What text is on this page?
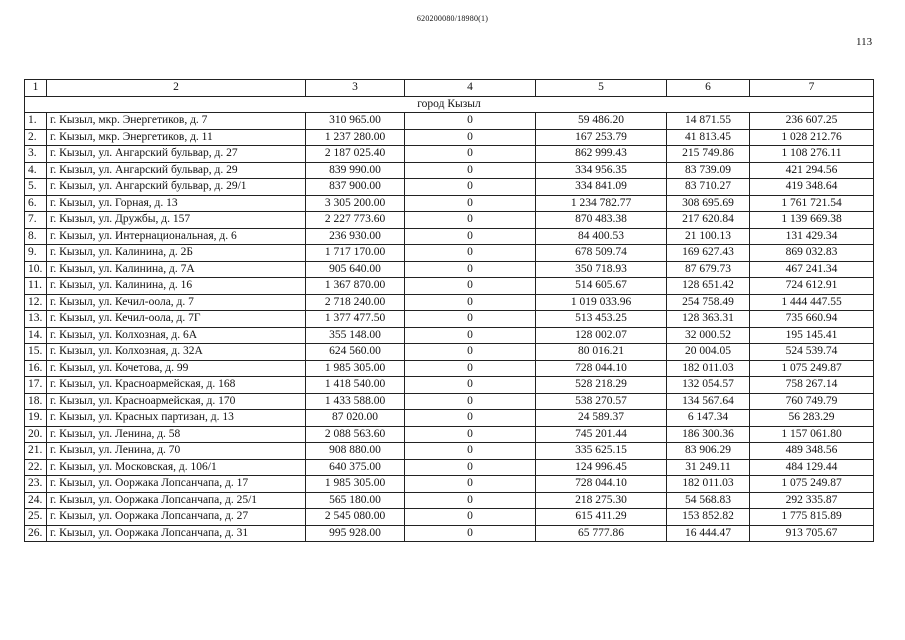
620200080/18980(1)
113
1	2	3	4	5	6	7
город Кызыл						
1.	г. Кызыл, мкр. Энергетиков, д. 7	310 965.00	0	59 486.20	14 871.55	236 607.25
2.	г. Кызыл, мкр. Энергетиков, д. 11	1 237 280.00	0	167 253.79	41 813.45	1 028 212.76
3.	г. Кызыл, ул. Ангарский бульвар, д. 27	2 187 025.40	0	862 999.43	215 749.86	1 108 276.11
4.	г. Кызыл, ул. Ангарский бульвар, д. 29	839 990.00	0	334 956.35	83 739.09	421 294.56
5.	г. Кызыл, ул. Ангарский бульвар, д. 29/1	837 900.00	0	334 841.09	83 710.27	419 348.64
6.	г. Кызыл, ул. Горная, д. 13	3 305 200.00	0	1 234 782.77	308 695.69	1 761 721.54
7.	г. Кызыл, ул. Дружбы, д. 157	2 227 773.60	0	870 483.38	217 620.84	1 139 669.38
8.	г. Кызыл, ул. Интернациональная, д. 6	236 930.00	0	84 400.53	21 100.13	131 429.34
9.	г. Кызыл, ул. Калинина, д. 2Б	1 717 170.00	0	678 509.74	169 627.43	869 032.83
10.	г. Кызыл, ул. Калинина, д. 7А	905 640.00	0	350 718.93	87 679.73	467 241.34
11.	г. Кызыл, ул. Калинина, д. 16	1 367 870.00	0	514 605.67	128 651.42	724 612.91
12.	г. Кызыл, ул. Кечил-оола, д. 7	2 718 240.00	0	1 019 033.96	254 758.49	1 444 447.55
13.	г. Кызыл, ул. Кечил-оола, д. 7Г	1 377 477.50	0	513 453.25	128 363.31	735 660.94
14.	г. Кызыл, ул. Колхозная, д. 6А	355 148.00	0	128 002.07	32 000.52	195 145.41
15.	г. Кызыл, ул. Колхозная, д. 32А	624 560.00	0	80 016.21	20 004.05	524 539.74
16.	г. Кызыл, ул. Кочетова, д. 99	1 985 305.00	0	728 044.10	182 011.03	1 075 249.87
17.	г. Кызыл, ул. Красноармейская, д. 168	1 418 540.00	0	528 218.29	132 054.57	758 267.14
18.	г. Кызыл, ул. Красноармейская, д. 170	1 433 588.00	0	538 270.57	134 567.64	760 749.79
19.	г. Кызыл, ул. Красных партизан, д. 13	87 020.00	0	24 589.37	6 147.34	56 283.29
20.	г. Кызыл, ул. Ленина, д. 58	2 088 563.60	0	745 201.44	186 300.36	1 157 061.80
21.	г. Кызыл, ул. Ленина, д. 70	908 880.00	0	335 625.15	83 906.29	489 348.56
22.	г. Кызыл, ул. Московская, д. 106/1	640 375.00	0	124 996.45	31 249.11	484 129.44
23.	г. Кызыл, ул. Ооржака Лопсанчапа, д. 17	1 985 305.00	0	728 044.10	182 011.03	1 075 249.87
24.	г. Кызыл, ул. Ооржака Лопсанчапа, д. 25/1	565 180.00	0	218 275.30	54 568.83	292 335.87
25.	г. Кызыл, ул. Ооржака Лопсанчапа, д. 27	2 545 080.00	0	615 411.29	153 852.82	1 775 815.89
26.	г. Кызыл, ул. Ооржака Лопсанчапа, д. 31	995 928.00	0	65 777.86	16 444.47	913 705.67
